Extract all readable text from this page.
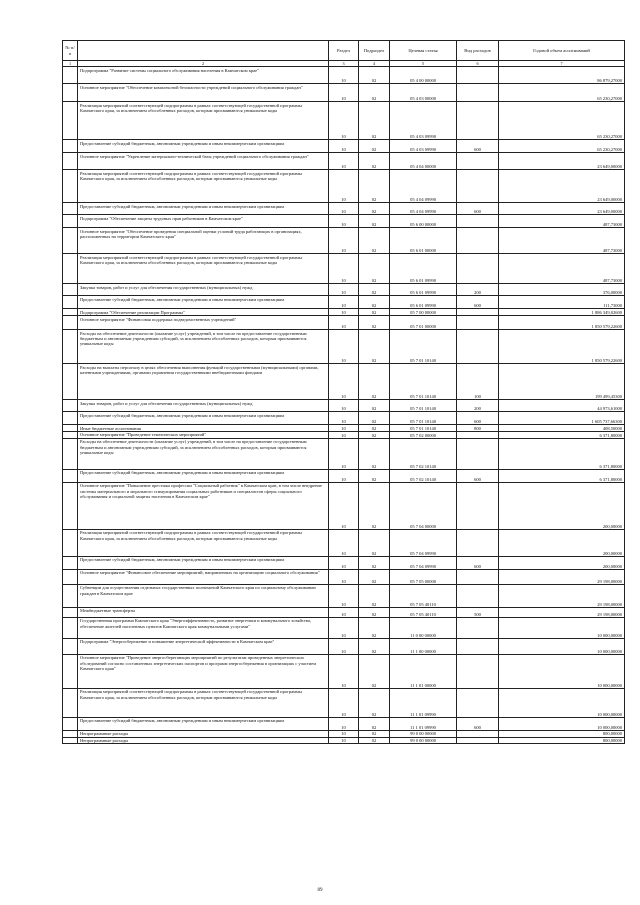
№ п/п		Раздел	Подраздел	Целевая статья	Вид расходов	Годовой объем ассигнований
1	2	3	4	5	6	7
	Подпрограмма "Развитие системы социального обслуживания населения в Камчатском крае"	10	02	05 4 00 00000		86 879,27000
	Основное мероприятие "Обеспечение комплексной безопасности учреждений социального обслуживания граждан"	10	02	05 4 03 00000		65 230,27000
	Реализация мероприятий соответствующей подпрограммы в рамках соответствующей государственной программы Камчатского края, за исключением обособленных расходов, которым присваиваются уникальные коды	10	02	05 4 03 09990		65 230,27000
	Предоставление субсидий бюджетным, автономным учреждениям и иным некоммерческим организациям	10	02	05 4 03 09990	600	65 230,27000
	Основное мероприятие "Укрепление материально-технической базы учреждений социального обслуживания граждан"	10	02	05 4 04 00000		23 649,00000
	Реализация мероприятий соответствующей подпрограммы в рамках соответствующей государственной программы Камчатского края, за исключением обособленных расходов, которым присваиваются уникальные коды	10	02	05 4 04 09990		23 649,00000
	Предоставление субсидий бюджетным, автономным учреждениям и иным некоммерческим организациям	10	02	05 4 04 09990	600	23 649,00000
	Подпрограмма "Обеспечение защиты трудовых прав работников в Камчатском крае"	10	02	05 6 00 00000		487,73000
	Основное мероприятие "Обеспечение проведения специальной оценки условий труда работающих в организациях, расположенных на территории Камчатского края"	10	02	05 6 01 00000		487,73000
	Реализация мероприятий соответствующей подпрограммы в рамках соответствующей государственной программы Камчатского края, за исключением обособленных расходов, которым присваиваются уникальные коды	10	02	05 6 01 09990		487,73000
	Закупка товаров, работ и услуг для обеспечения государственных (муниципальных) нужд	10	02	05 6 01 09990	200	376,00000
	Предоставление субсидий бюджетным, автономным учреждениям и иным некоммерческим организациям	10	02	05 6 01 09990	600	111,73000
	Подпрограмма "Обеспечение реализации Программы"	10	02	05 7 00 00000		1 886 349,02600
	Основное мероприятие "Финансовая поддержка подведомственных учреждений"	10	02	05 7 01 00000		1 850 579,22600
	Расходы на обеспечение деятельности (оказание услуг) учреждений, в том числе на предоставление государственным бюджетным и автономным учреждениям субсидий, за исключением обособленных расходов, которым присваиваются уникальные коды	10	02	05 7 01 10140		1 850 579,22600
	Расходы на выплаты персоналу в целях обеспечения выполнения функций государственными (муниципальными) органами, казенными учреждениями, органами управления государственными внебюджетными фондами	10	02	05 7 01 10140	100	199 499,45300
	Закупка товаров, работ и услуг для обеспечения государственных (муниципальных) нужд	10	02	05 7 01 10140	200	44 973,61000
	Предоставление субсидий бюджетным, автономным учреждениям и иным некоммерческим организациям	10	02	05 7 01 10140	600	1 605 737,66300
	Иные бюджетные ассигнования	10	02	05 7 01 10140	800	408,50000
	Основное мероприятие "Проведение тематических мероприятий"	10	02	05 7 02 00000		6 371,80000
	Расходы на обеспечение деятельности (оказание услуг) учреждений, в том числе на предоставление государственным бюджетным и автономным учреждениям субсидий, за исключением обособленных расходов, которым присваиваются уникальные коды	10	02	05 7 02 10140		6 371,80000
	Предоставление субсидий бюджетным, автономным учреждениям и иным некоммерческим организациям	10	02	05 7 02 10140	600	6 371,80000
	Основное мероприятие "Повышение престижа профессии "Социальный работник" в Камчатском крае, в том числе внедрение системы материального и морального стимулирования социальных работников и специалистов сферы социального обслуживания и социальной защиты населения в Камчатском крае"	10	02	05 7 04 00000		200,00000
	Реализация мероприятий соответствующей подпрограммы в рамках соответствующей государственной программы Камчатского края, за исключением обособленных расходов, которым присваиваются уникальные коды	10	02	05 7 04 09990		200,00000
	Предоставление субсидий бюджетным, автономным учреждениям и иным некоммерческим организациям	10	02	05 7 04 09990	600	200,00000
	Основное мероприятие "Финансовое обеспечение мероприятий, направленных на организацию социального обслуживания"	10	02	05 7 05 00000		29 198,00000
	Субвенции для осуществления отдельных государственных полномочий Камчатского края по социальному обслуживанию граждан в Камчатском крае	10	02	05 7 05 40110		29 198,00000
	Межбюджетные трансферты	10	02	05 7 05 40110	500	29 198,00000
	Государственная программа Камчатского края "Энергоэффективность, развитие энергетики и коммунального хозяйства, обеспечение жителей населенных пунктов Камчатского края коммунальными услугами"	10	02	11 0 00 00000		10 000,00000
	Подпрограмма "Энергосбережение и повышение энергетической эффективности в Камчатском крае"	10	02	11 1 00 00000		10 000,00000
	Основное мероприятие "Проведение энергосберегающих мероприятий по результатам проведенных энергетических обследований согласно составленных энергетических паспортов и программ энергосбережения в организациях с участием Камчатского края"	10	02	11 1 01 00000		10 000,00000
	Реализация мероприятий соответствующей подпрограммы в рамках соответствующей государственной программы Камчатского края, за исключением обособленных расходов, которым присваиваются уникальные коды	10	02	11 1 01 09990		10 000,00000
	Предоставление субсидий бюджетным, автономным учреждениям и иным некоммерческим организациям	10	02	11 1 01 09990	600	10 000,00000
	Непрограммные расходы	10	02	99 0 00 00000		800,00000
	Непрограммные расходы	10	02	99 0 00 00000		800,00000
89
